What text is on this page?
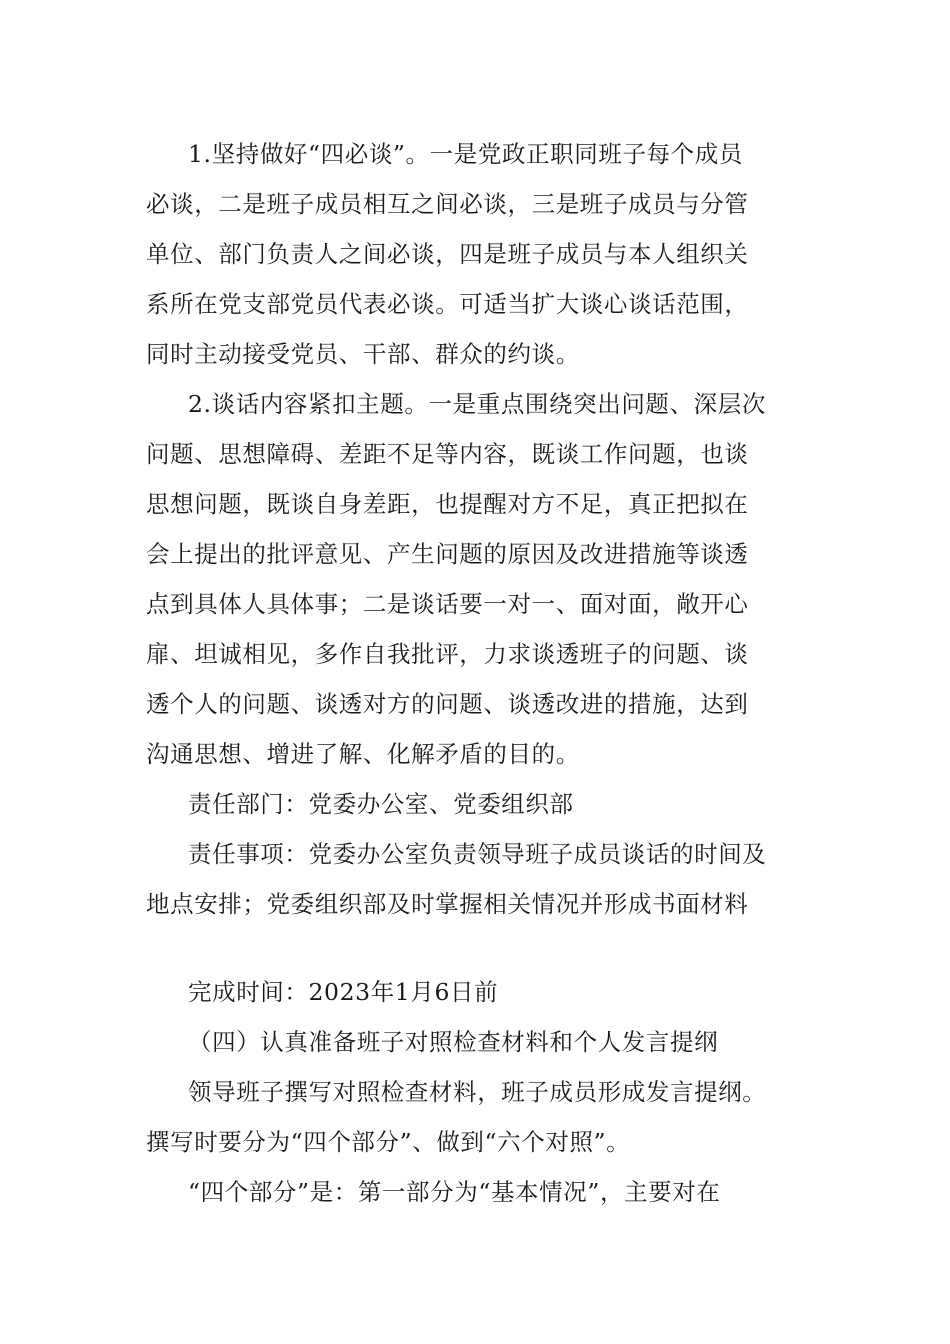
1.坚持做好“四必谈”。一是党政正职同班子每个成员
必谈，二是班子成员相互之间必谈，三是班子成员与分管
单位、部门负责人之间必谈，四是班子成员与本人组织关
系所在党支部党员代表必谈。可适当扩大谈心谈话范围，
同时主动接受党员、干部、群众的约谈。
2.谈话内容紧扣主题。一是重点围绕突出问题、深层次
问题、思想障碍、差距不足等内容，既谈工作问题，也谈
思想问题，既谈自身差距，也提醒对方不足，真正把拟在
会上提出的批评意见、产生问题的原因及改进措施等谈透
点到具体人具体事；二是谈话要一对一、面对面，敞开心
扉、坦诚相见，多作自我批评，力求谈透班子的问题、谈
透个人的问题、谈透对方的问题、谈透改进的措施，达到
沟通思想、增进了解、化解矛盾的目的。
责任部门：党委办公室、党委组织部
责任事项：党委办公室负责领导班子成员谈话的时间及
地点安排；党委组织部及时掌握相关情况并形成书面材料
完成时间：2023年1月6日前
（四）认真准备班子对照检查材料和个人发言提纲
领导班子撰写对照检查材料，班子成员形成发言提纲。
撰写时要分为“四个部分”、做到“六个对照”。
“四个部分”是：第一部分为“基本情况”，主要对在
